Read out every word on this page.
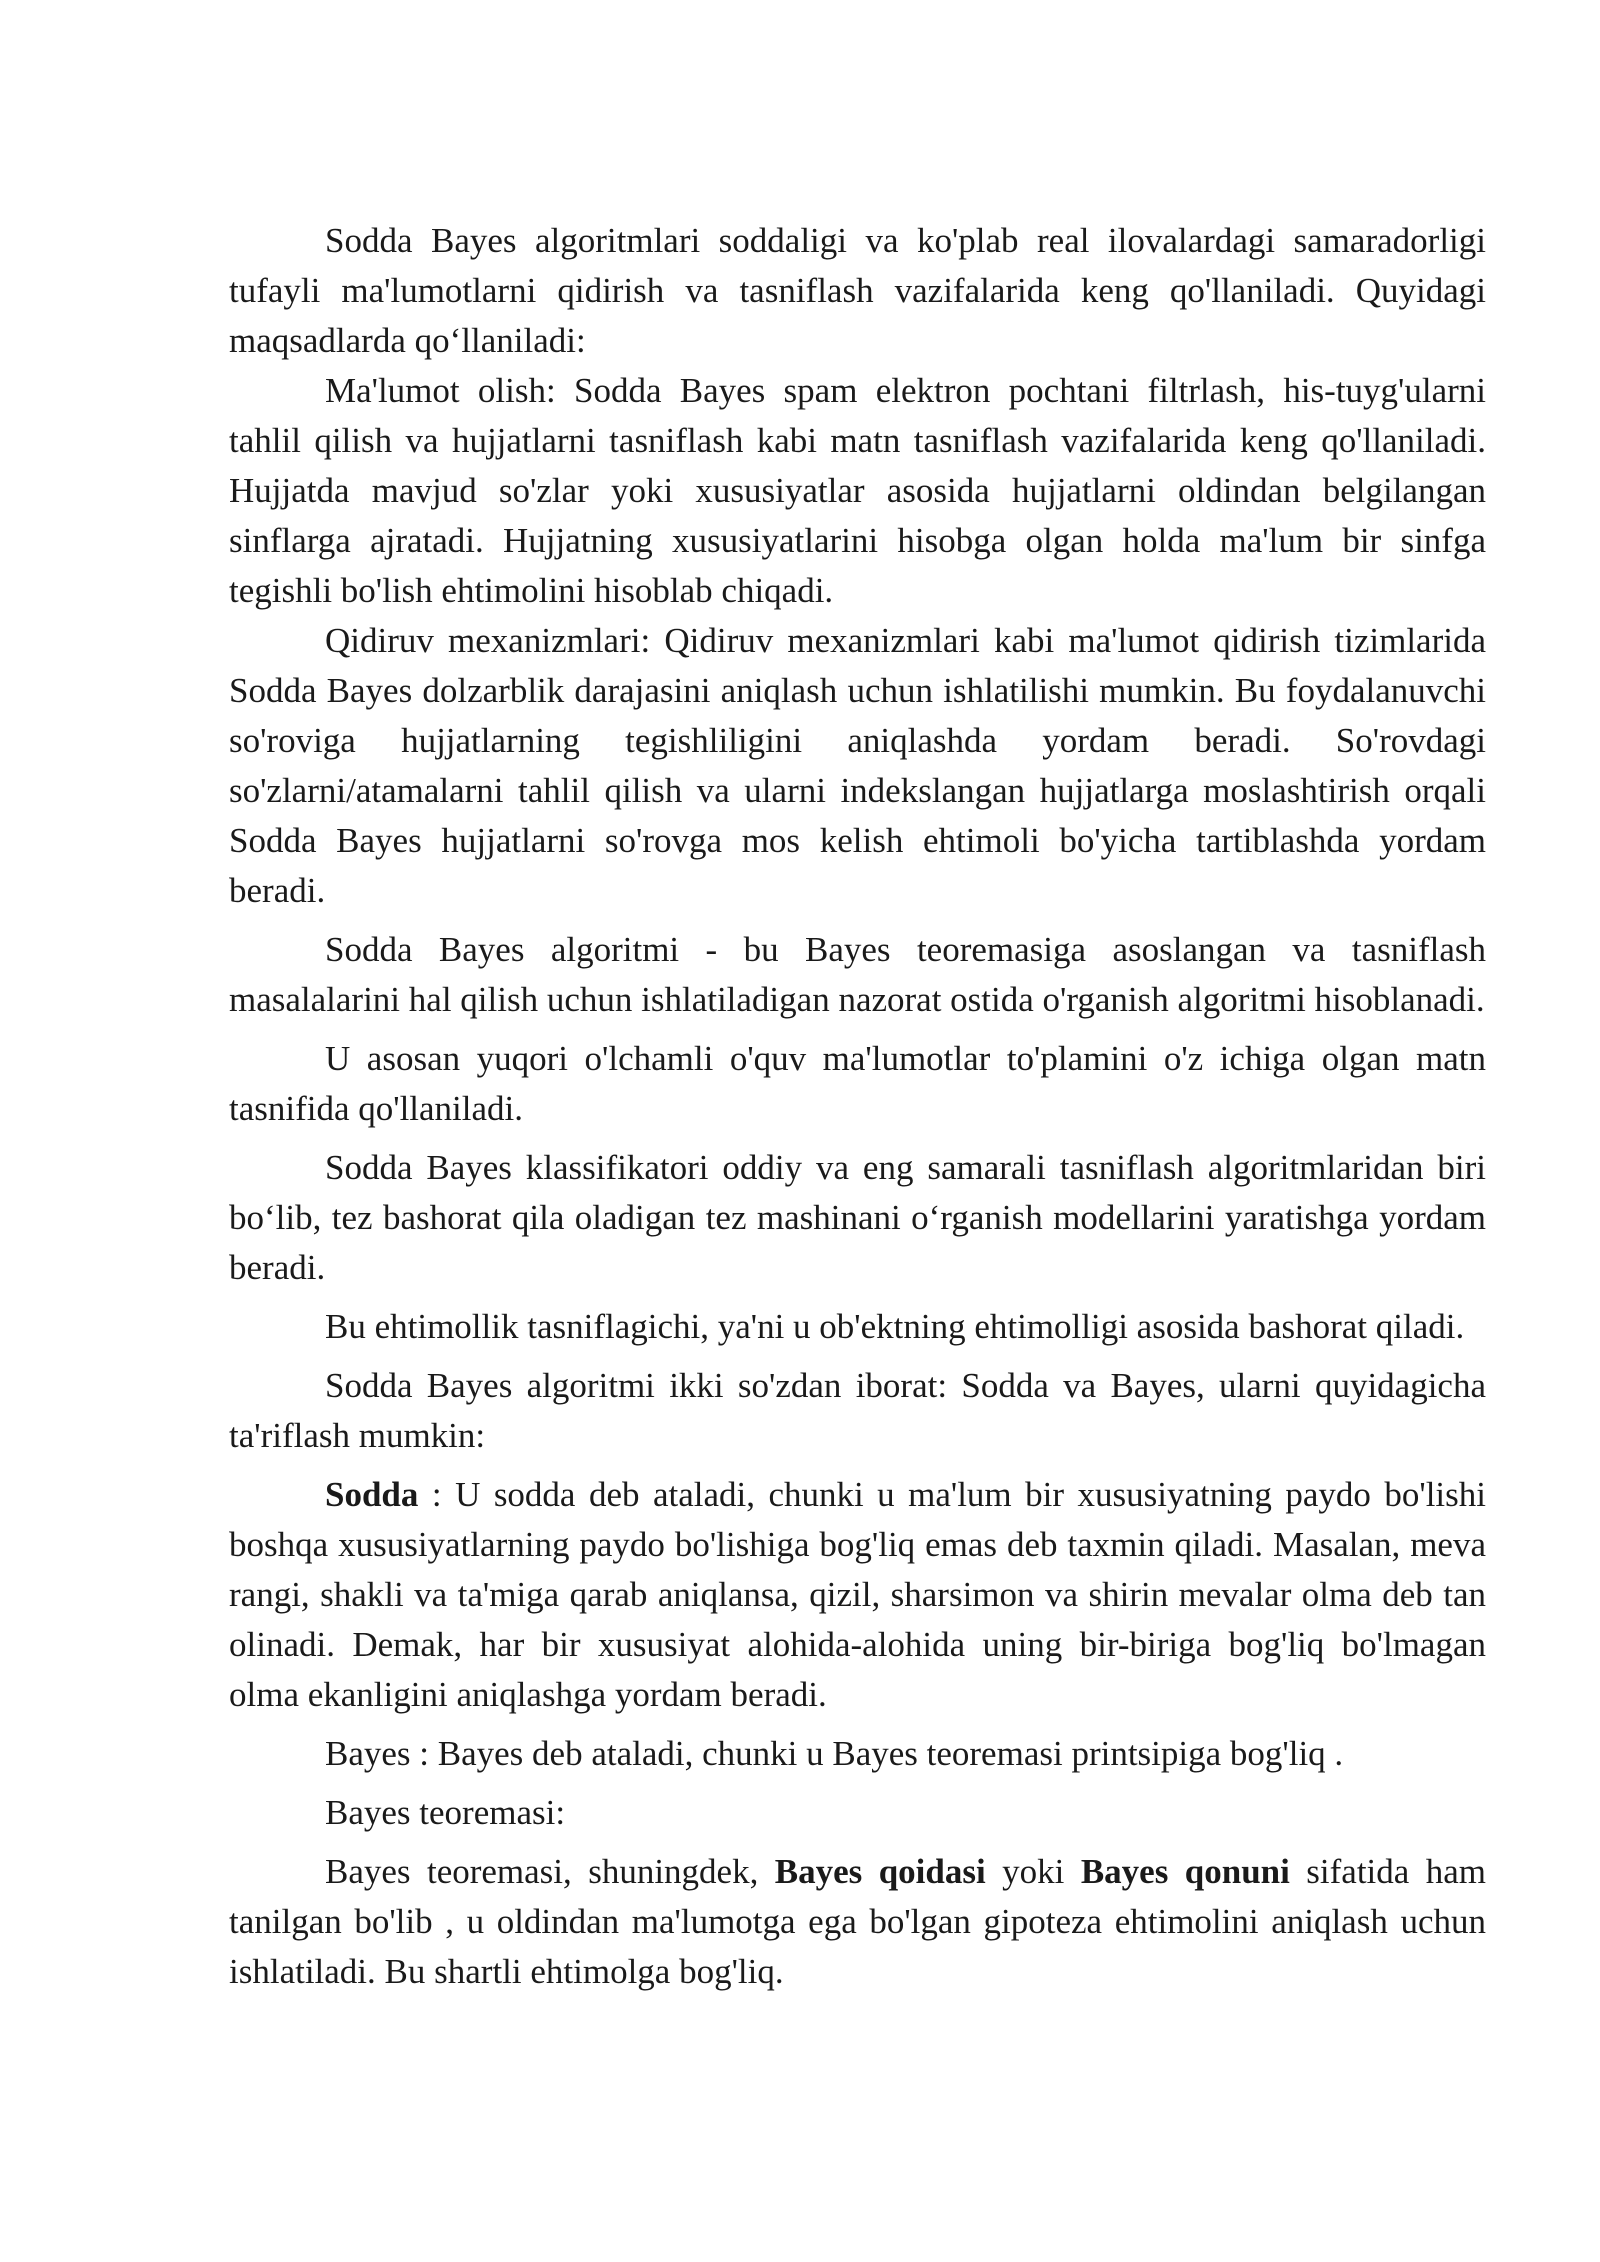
Sodda Bayes algoritmlari soddaligi va ko'plab real ilovalardagi samaradorligi tufayli ma'lumotlarni qidirish va tasniflash vazifalarida keng qo'llaniladi. Quyidagi maqsadlarda qo‘llaniladi:

Ma'lumot olish: Sodda Bayes spam elektron pochtani filtrlash, his-tuyg'ularni tahlil qilish va hujjatlarni tasniflash kabi matn tasniflash vazifalarida keng qo'llaniladi. Hujjatda mavjud so'zlar yoki xususiyatlar asosida hujjatlarni oldindan belgilangan sinflarga ajratadi. Hujjatning xususiyatlarini hisobga olgan holda ma'lum bir sinfga tegishli bo'lish ehtimolini hisoblab chiqadi.

Qidiruv mexanizmlari: Qidiruv mexanizmlari kabi ma'lumot qidirish tizimlarida Sodda Bayes dolzarblik darajasini aniqlash uchun ishlatilishi mumkin. Bu foydalanuvchi so'roviga hujjatlarning tegishliligini aniqlashda yordam beradi. So'rovdagi so'zlarni/atamalarni tahlil qilish va ularni indekslangan hujjatlarga moslashtirish orqali Sodda Bayes hujjatlarni so'rovga mos kelish ehtimoli bo'yicha tartiblashda yordam beradi.

Sodda Bayes algoritmi - bu Bayes teoremasiga asoslangan va tasniflash masalalarini hal qilish uchun ishlatiladigan nazorat ostida o'rganish algoritmi hisoblanadi.

U asosan yuqori o'lchamli o'quv ma'lumotlar to'plamini o'z ichiga olgan matn tasnifida qo'llaniladi.

Sodda Bayes klassifikatori oddiy va eng samarali tasniflash algoritmlaridan biri bo‘lib, tez bashorat qila oladigan tez mashinani o‘rganish modellarini yaratishga yordam beradi.

Bu ehtimollik tasniflagichi, ya'ni u ob'ektning ehtimolligi asosida bashorat qiladi.

Sodda Bayes algoritmi ikki so'zdan iborat: Sodda va Bayes, ularni quyidagicha ta'riflash mumkin:

Sodda : U sodda deb ataladi, chunki u ma'lum bir xususiyatning paydo bo'lishi boshqa xususiyatlarning paydo bo'lishiga bog'liq emas deb taxmin qiladi. Masalan, meva rangi, shakli va ta'miga qarab aniqlansa, qizil, sharsimon va shirin mevalar olma deb tan olinadi. Demak, har bir xususiyat alohida-alohida uning bir-biriga bog'liq bo'lmagan olma ekanligini aniqlashga yordam beradi.

Bayes : Bayes deb ataladi, chunki u Bayes teoremasi printsipiga bog'liq .

Bayes teoremasi:

Bayes teoremasi, shuningdek, Bayes qoidasi yoki Bayes qonuni sifatida ham tanilgan bo'lib , u oldindan ma'lumotga ega bo'lgan gipoteza ehtimolini aniqlash uchun ishlatiladi. Bu shartli ehtimolga bog'liq.
